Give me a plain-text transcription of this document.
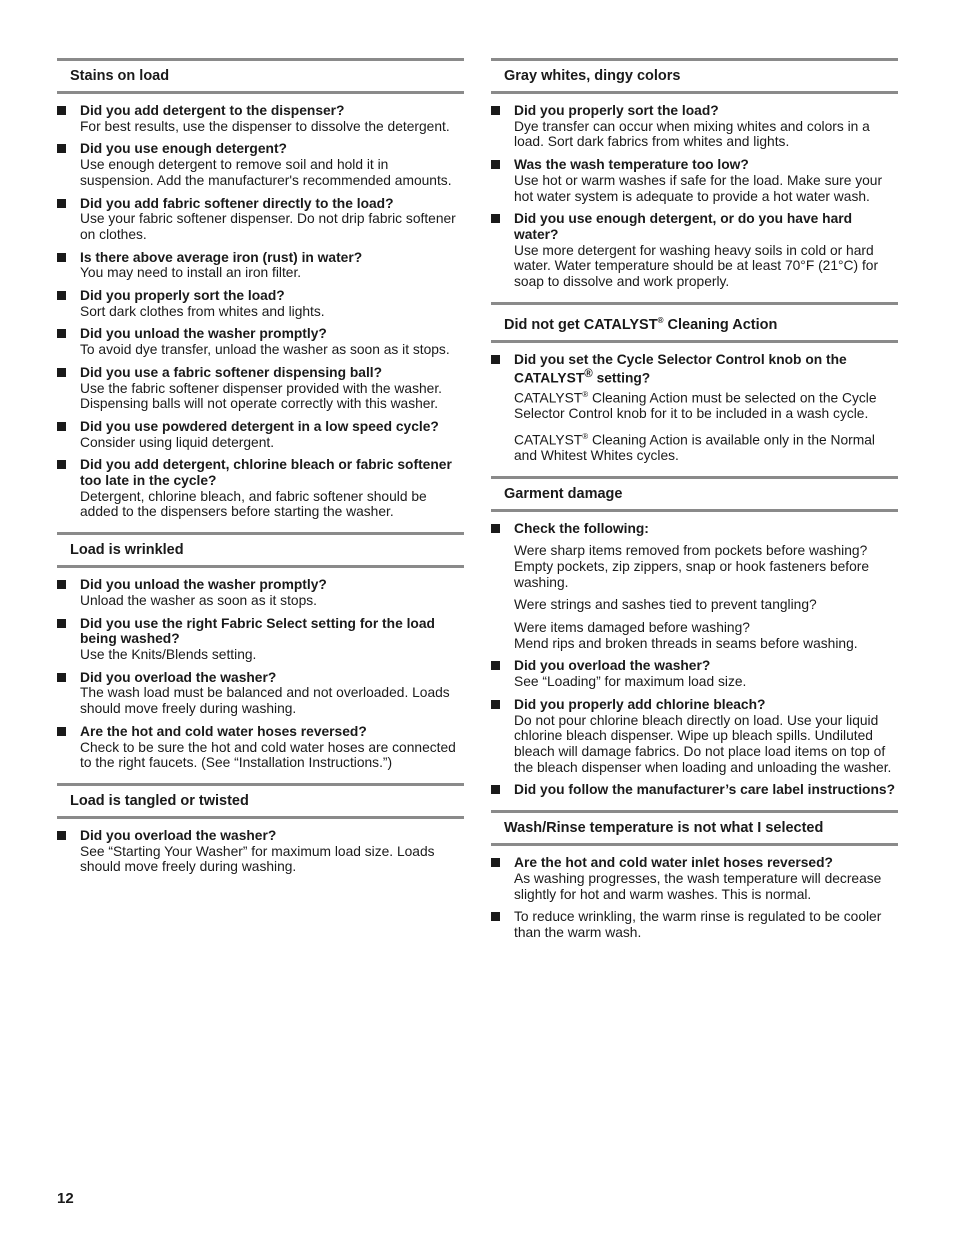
Stains on load
Did you add detergent to the dispenser?
For best results, use the dispenser to dissolve the detergent.
Did you use enough detergent?
Use enough detergent to remove soil and hold it in suspension. Add the manufacturer's recommended amounts.
Did you add fabric softener directly to the load?
Use your fabric softener dispenser. Do not drip fabric softener on clothes.
Is there above average iron (rust) in water?
You may need to install an iron filter.
Did you properly sort the load?
Sort dark clothes from whites and lights.
Did you unload the washer promptly?
To avoid dye transfer, unload the washer as soon as it stops.
Did you use a fabric softener dispensing ball?
Use the fabric softener dispenser provided with the washer. Dispensing balls will not operate correctly with this washer.
Did you use powdered detergent in a low speed cycle?
Consider using liquid detergent.
Did you add detergent, chlorine bleach or fabric softener too late in the cycle?
Detergent, chlorine bleach, and fabric softener should be added to the dispensers before starting the washer.
Load is wrinkled
Did you unload the washer promptly?
Unload the washer as soon as it stops.
Did you use the right Fabric Select setting for the load being washed?
Use the Knits/Blends setting.
Did you overload the washer?
The wash load must be balanced and not overloaded. Loads should move freely during washing.
Are the hot and cold water hoses reversed?
Check to be sure the hot and cold water hoses are connected to the right faucets. (See “Installation Instructions.”)
Load is tangled or twisted
Did you overload the washer?
See “Starting Your Washer” for maximum load size. Loads should move freely during washing.
Gray whites, dingy colors
Did you properly sort the load?
Dye transfer can occur when mixing whites and colors in a load. Sort dark fabrics from whites and lights.
Was the wash temperature too low?
Use hot or warm washes if safe for the load. Make sure your hot water system is adequate to provide a hot water wash.
Did you use enough detergent, or do you have hard water?
Use more detergent for washing heavy soils in cold or hard water. Water temperature should be at least 70°F (21°C) for soap to dissolve and work properly.
Did not get CATALYST® Cleaning Action
Did you set the Cycle Selector Control knob on the CATALYST® setting?
CATALYST® Cleaning Action must be selected on the Cycle Selector Control knob for it to be included in a wash cycle.
CATALYST® Cleaning Action is available only in the Normal and Whitest Whites cycles.
Garment damage
Check the following:
Were sharp items removed from pockets before washing? Empty pockets, zip zippers, snap or hook fasteners before washing.
Were strings and sashes tied to prevent tangling?
Were items damaged before washing?
Mend rips and broken threads in seams before washing.
Did you overload the washer?
See “Loading” for maximum load size.
Did you properly add chlorine bleach?
Do not pour chlorine bleach directly on load. Use your liquid chlorine bleach dispenser. Wipe up bleach spills. Undiluted bleach will damage fabrics. Do not place load items on top of the bleach dispenser when loading and unloading the washer.
Did you follow the manufacturer’s care label instructions?
Wash/Rinse temperature is not what I selected
Are the hot and cold water inlet hoses reversed?
As washing progresses, the wash temperature will decrease slightly for hot and warm washes. This is normal.
To reduce wrinkling, the warm rinse is regulated to be cooler than the warm wash.
12
